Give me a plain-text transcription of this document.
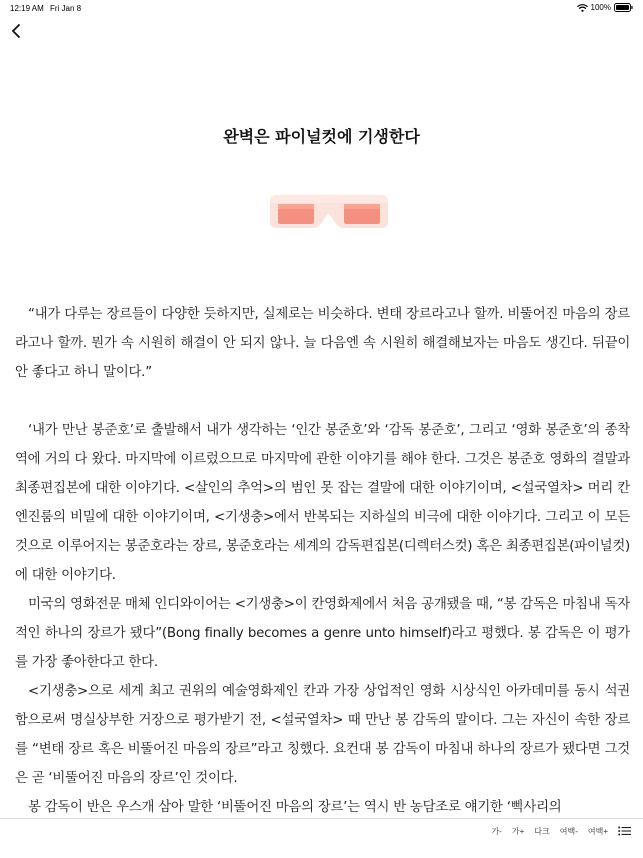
12:19 AM Fri Jan 8	100%
완벽은 파이널컷에 기생한다

“내가 다루는 장르들이 다양한 듯하지만, 실제로는 비슷하다. 변태 장르라고나 할까. 비뚤어진 마음의 장르라고나 할까. 뭔가 속 시원히 해결이 안 되지 않나. 늘 다음엔 속 시원히 해결해보자는 마음도 생긴다. 뒤끝이 안 좋다고 하니 말이다.”

‘내가 만난 봉준호’로 출발해서 내가 생각하는 ‘인간 봉준호’와 ‘감독 봉준호’, 그리고 ‘영화 봉준호’의 종착역에 거의 다 왔다. 마지막에 이르렀으므로 마지막에 관한 이야기를 해야 한다. 그것은 봉준호 영화의 결말과 최종편집본에 대한 이야기다. <살인의 추억>의 범인 못 잡는 결말에 대한 이야기이며, <설국열차> 머리 칸 엔진룸의 비밀에 대한 이야기이며, <기생충>에서 반복되는 지하실의 비극에 대한 이야기다. 그리고 이 모든 것으로 이루어지는 봉준호라는 장르, 봉준호라는 세계의 감독편집본(디렉터스컷) 혹은 최종편집본(파이널컷)에 대한 이야기다.

미국의 영화전문 매체 인디와이어는 <기생충>이 칸영화제에서 처음 공개됐을 때, “봉 감독은 마침내 독자적인 하나의 장르가 됐다”(Bong finally becomes a genre unto himself)라고 평했다. 봉 감독은 이 평가를 가장 좋아한다고 한다.

<기생충>으로 세계 최고 권위의 예술영화제인 칸과 가장 상업적인 영화 시상식인 아카데미를 동시 석권함으로써 명실상부한 거장으로 평가받기 전, <설국열차> 때 만난 봉 감독의 말이다. 그는 자신이 속한 장르를 “변태 장르 혹은 비뚤어진 마음의 장르”라고 칭했다. 요컨대 봉 감독이 마침내 하나의 장르가 됐다면 그것은 곧 ‘비뚤어진 마음의 장르’인 것이다.

봉 감독이 반은 우스개 삼아 말한 ‘비뚤어진 마음의 장르’는 역시 반 농담조로 얘기한 ‘삑사리의

가- 가+ 다크 여백- 여백+
